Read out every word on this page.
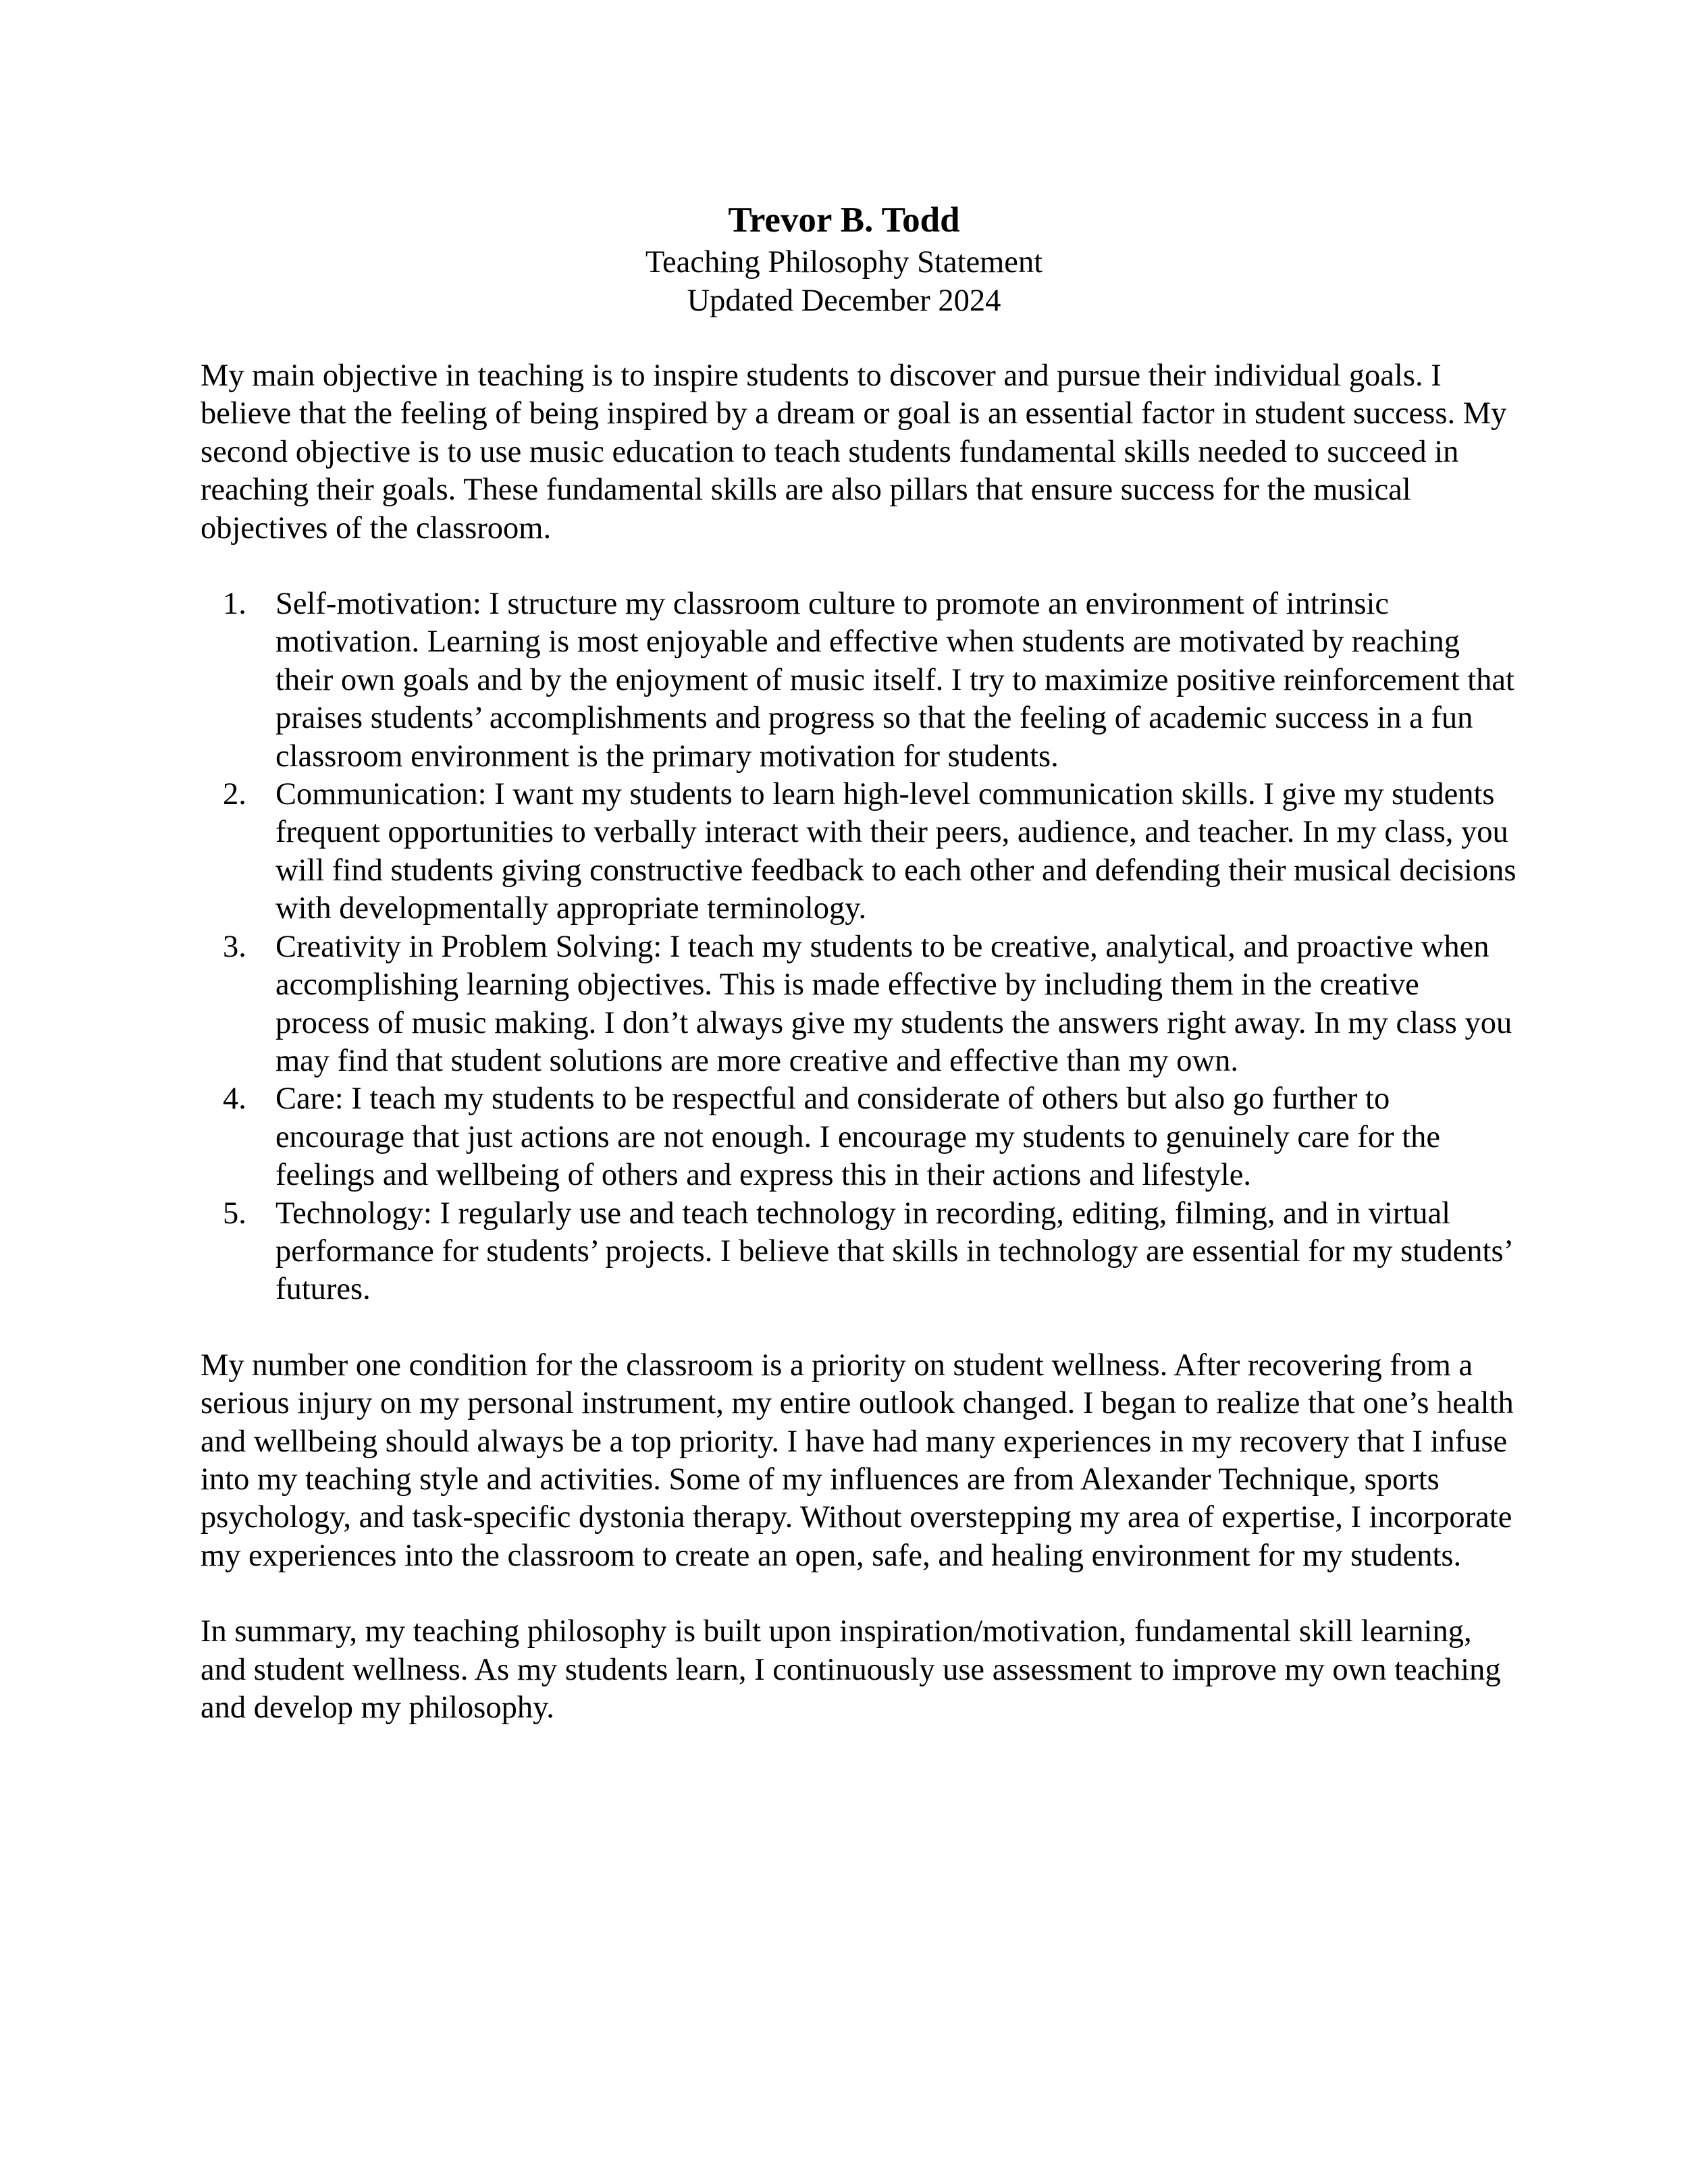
Trevor B. Todd

Teaching Philosophy Statement

Updated December 2024

My main objective in teaching is to inspire students to discover and pursue their individual goals. I believe that the feeling of being inspired by a dream or goal is an essential factor in student success. My second objective is to use music education to teach students fundamental skills needed to succeed in reaching their goals. These fundamental skills are also pillars that ensure success for the musical objectives of the classroom.

1. Self-motivation: I structure my classroom culture to promote an environment of intrinsic motivation. Learning is most enjoyable and effective when students are motivated by reaching their own goals and by the enjoyment of music itself. I try to maximize positive reinforcement that praises students’ accomplishments and progress so that the feeling of academic success in a fun classroom environment is the primary motivation for students.
2. Communication: I want my students to learn high-level communication skills. I give my students frequent opportunities to verbally interact with their peers, audience, and teacher. In my class, you will find students giving constructive feedback to each other and defending their musical decisions with developmentally appropriate terminology.
3. Creativity in Problem Solving: I teach my students to be creative, analytical, and proactive when accomplishing learning objectives. This is made effective by including them in the creative process of music making. I don’t always give my students the answers right away. In my class you may find that student solutions are more creative and effective than my own.
4. Care: I teach my students to be respectful and considerate of others but also go further to encourage that just actions are not enough. I encourage my students to genuinely care for the feelings and wellbeing of others and express this in their actions and lifestyle.
5. Technology: I regularly use and teach technology in recording, editing, filming, and in virtual performance for students’ projects. I believe that skills in technology are essential for my students’ futures.

My number one condition for the classroom is a priority on student wellness. After recovering from a serious injury on my personal instrument, my entire outlook changed. I began to realize that one’s health and wellbeing should always be a top priority. I have had many experiences in my recovery that I infuse into my teaching style and activities. Some of my influences are from Alexander Technique, sports psychology, and task-specific dystonia therapy. Without overstepping my area of expertise, I incorporate my experiences into the classroom to create an open, safe, and healing environment for my students.

In summary, my teaching philosophy is built upon inspiration/motivation, fundamental skill learning, and student wellness. As my students learn, I continuously use assessment to improve my own teaching and develop my philosophy.
